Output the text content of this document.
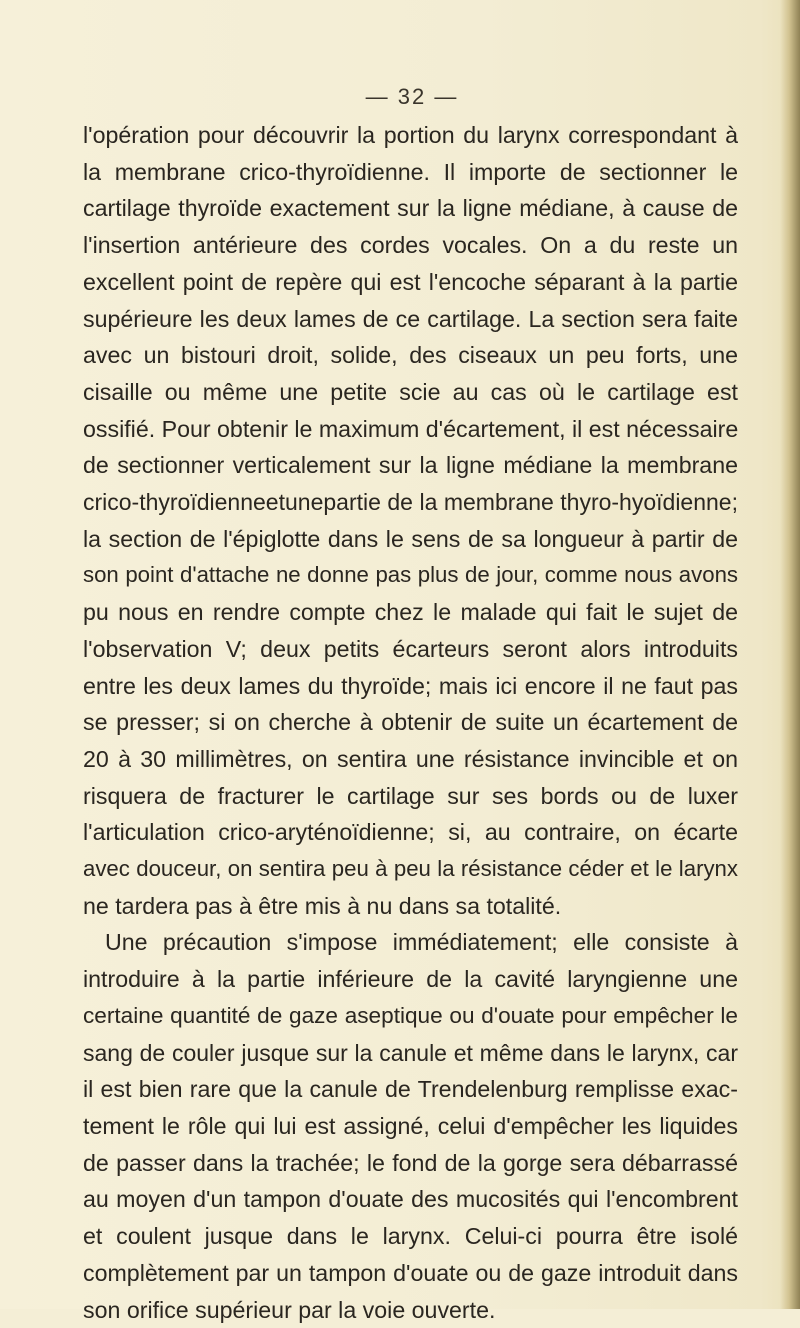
— 32 —

l'opération pour découvrir la portion du larynx correspondant à
la membrane crico-thyroïdienne. Il importe de sectionner le
cartilage thyroïde exactement sur la ligne médiane, à cause de
l'insertion antérieure des cordes vocales. On a du reste un
excellent point de repère qui est l'encoche séparant à la partie
supérieure les deux lames de ce cartilage. La section sera faite
avec un bistouri droit, solide, des ciseaux un peu forts, une
cisaille ou même une petite scie au cas où le cartilage est
ossifié. Pour obtenir le maximum d'écartement, il est nécessaire
de sectionner verticalement sur la ligne médiane la membrane
crico-thyroïdienneetunepartie de la membrane thyro-hyoïdienne;
la section de l'épiglotte dans le sens de sa longueur à partir de
son point d'attache ne donne pas plus de jour, comme nous avons
pu nous en rendre compte chez le malade qui fait le sujet de
l'observation V; deux petits écarteurs seront alors introduits
entre les deux lames du thyroïde; mais ici encore il ne faut pas
se presser; si on cherche à obtenir de suite un écartement de
20 à 30 millimètres, on sentira une résistance invincible et on
risquera de fracturer le cartilage sur ses bords ou de luxer
l'articulation crico-aryténoïdienne; si, au contraire, on écarte
avec douceur, on sentira peu à peu la résistance céder et le larynx
ne tardera pas à être mis à nu dans sa totalité.

Une précaution s'impose immédiatement; elle consiste à
introduire à la partie inférieure de la cavité laryngienne une
certaine quantité de gaze aseptique ou d'ouate pour empêcher le
sang de couler jusque sur la canule et même dans le larynx, car
il est bien rare que la canule de Trendelenburg remplisse exac-
tement le rôle qui lui est assigné, celui d'empêcher les liquides
de passer dans la trachée; le fond de la gorge sera débarrassé
au moyen d'un tampon d'ouate des mucosités qui l'encombrent
et coulent jusque dans le larynx. Celui-ci pourra être isolé
complètement par un tampon d'ouate ou de gaze introduit dans
son orifice supérieur par la voie ouverte.
